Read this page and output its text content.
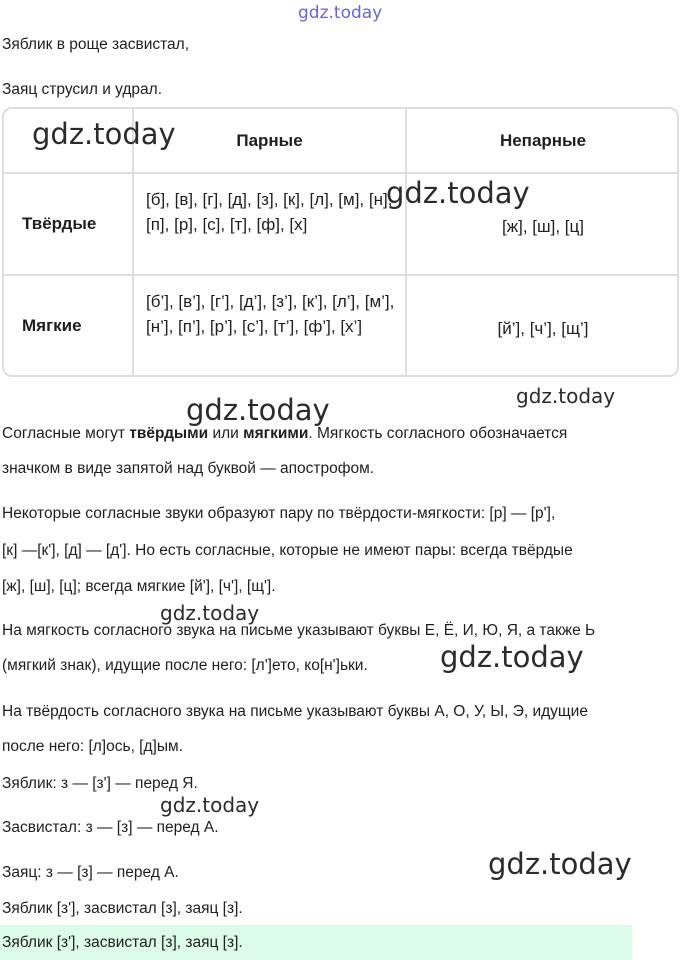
gdz.today
Зяблик в роще засвистал,
Заяц струсил и удрал.
Парные	Непарные
Твёрдые
[б], [в], [г], [д], [з], [к], [л], [м], [н], [п], [р], [с], [т], [ф], [х]	[ж], [ш], [ц]
Мягкие
[б’], [в’], [г’], [д’], [з’], [к’], [л’], [м’], [н’], [п’], [р’], [с’], [т’], [ф’], [х’]	[й’], [ч’], [щ’]
gdz.today
gdz.today
gdz.today	gdz.today
Согласные могут твёрдыми или мягкими. Мягкость согласного обозначается
значком в виде запятой над буквой — апострофом.
Некоторые согласные звуки образуют пару по твёрдости-мягкости: [р] — [р'],
[к] —[к'], [д] — [д']. Но есть согласные, которые не имеют пары: всегда твёрдые
[ж], [ш], [ц]; всегда мягкие [й'], [ч'], [щ'].
gdz.today
На мягкость согласного звука на письме указывают буквы Е, Ё, И, Ю, Я, а также Ь
(мягкий знак), идущие после него: [л']ето, ко[н']ьки. gdz.today
На твёрдость согласного звука на письме указывают буквы А, О, У, Ы, Э, идущие
после него: [л]ось, [д]ым.
Зяблик: з — [з'] — перед Я.
gdz.today
Засвистал: з — [з] — перед А.
Заяц: з — [з] — перед А.	gdz.today
Зяблик [з'], засвистал [з], заяц [з].
Зяблик [з'], засвистал [з], заяц [з].
